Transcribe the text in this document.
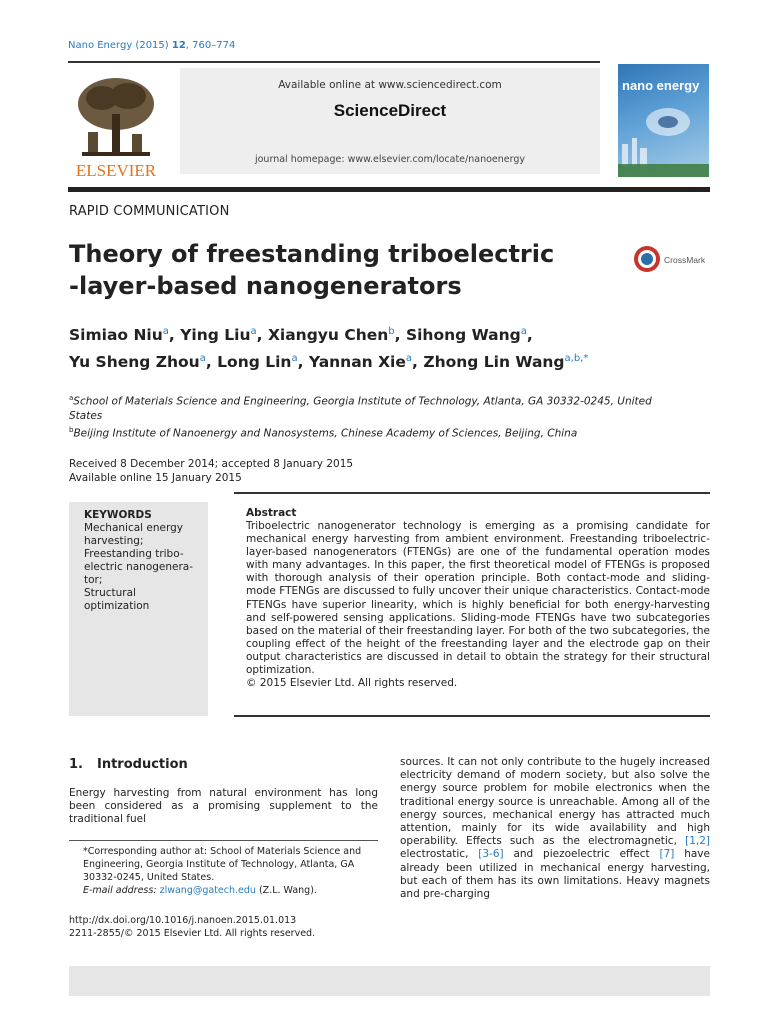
Nano Energy (2015) 12, 760–774
ELSEVIER
Available online at www.sciencedirect.com
ScienceDirect
journal homepage: www.elsevier.com/locate/nanoenergy
nano energy
RAPID COMMUNICATION
Theory of freestanding triboelectric
-layer-based nanogenerators
CrossMark
Simiao Niu$^a$, Ying Liu$^a$, Xiangyu Chen$^b$, Sihong Wang$^a$,
Yu Sheng Zhou$^a$, Long Lin$^a$, Yannan Xie$^a$, Zhong Lin Wang$^{a,b,*}$
$^a$School of Materials Science and Engineering, Georgia Institute of Technology, Atlanta, GA 30332-0245, United States
$^b$Beijing Institute of Nanoenergy and Nanosystems, Chinese Academy of Sciences, Beijing, China
Received 8 December 2014; accepted 8 January 2015
Available online 15 January 2015
KEYWORDS
Mechanical energy harvesting;
Freestanding tribo-electric nanogenera-tor;
Structural optimization
Abstract
Triboelectric nanogenerator technology is emerging as a promising candidate for mechanical energy harvesting from ambient environment. Freestanding triboelectric-layer-based nanogenerators (FTENGs) are one of the fundamental operation modes with many advantages. In this paper, the first theoretical model of FTENGs is proposed with thorough analysis of their operation principle. Both contact-mode and sliding-mode FTENGs are discussed to fully uncover their unique characteristics. Contact-mode FTENGs have superior linearity, which is highly beneficial for both energy-harvesting and self-powered sensing applications. Sliding-mode FTENGs have two subcategories based on the material of their freestanding layer. For both of the two subcategories, the coupling effect of the height of the freestanding layer and the electrode gap on their output characteristics are discussed in detail to obtain the strategy for their structural optimization.
© 2015 Elsevier Ltd. All rights reserved.
1. Introduction
Energy harvesting from natural environment has long been considered as a promising supplement to the traditional fuel
sources. It can not only contribute to the hugely increased electricity demand of modern society, but also solve the energy source problem for mobile electronics when the traditional energy source is unreachable. Among all of the energy sources, mechanical energy has attracted much attention, mainly for its wide availability and high operability. Effects such as the electromagnetic, [1,2] electrostatic, [3-6] and piezoelectric effect [7] have already been utilized in mechanical energy harvesting, but each of them has its own limitations. Heavy magnets and pre-charging
*Corresponding author at: School of Materials Science and Engineering, Georgia Institute of Technology, Atlanta, GA 30332-0245, United States.
E-mail address: zlwang@gatech.edu (Z.L. Wang).
http://dx.doi.org/10.1016/j.nanoen.2015.01.013
2211-2855/© 2015 Elsevier Ltd. All rights reserved.
